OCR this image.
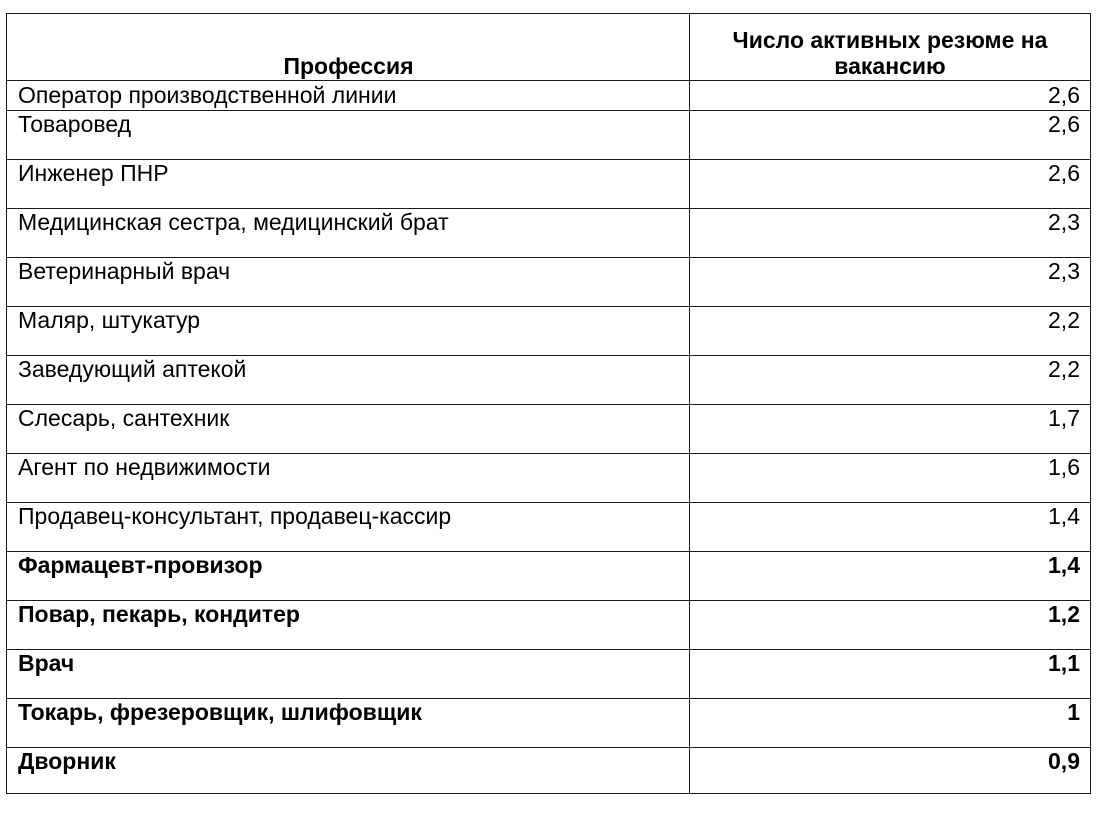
Профессия	Число активных резюме на вакансию
Оператор производственной линии	2,6
Товаровед	2,6
Инженер ПНР	2,6
Медицинская сестра, медицинский брат	2,3
Ветеринарный врач	2,3
Маляр, штукатур	2,2
Заведующий аптекой	2,2
Слесарь, сантехник	1,7
Агент по недвижимости	1,6
Продавец-консультант, продавец-кассир	1,4
Фармацевт-провизор	1,4
Повар, пекарь, кондитер	1,2
Врач	1,1
Токарь, фрезеровщик, шлифовщик	1
Дворник	0,9
